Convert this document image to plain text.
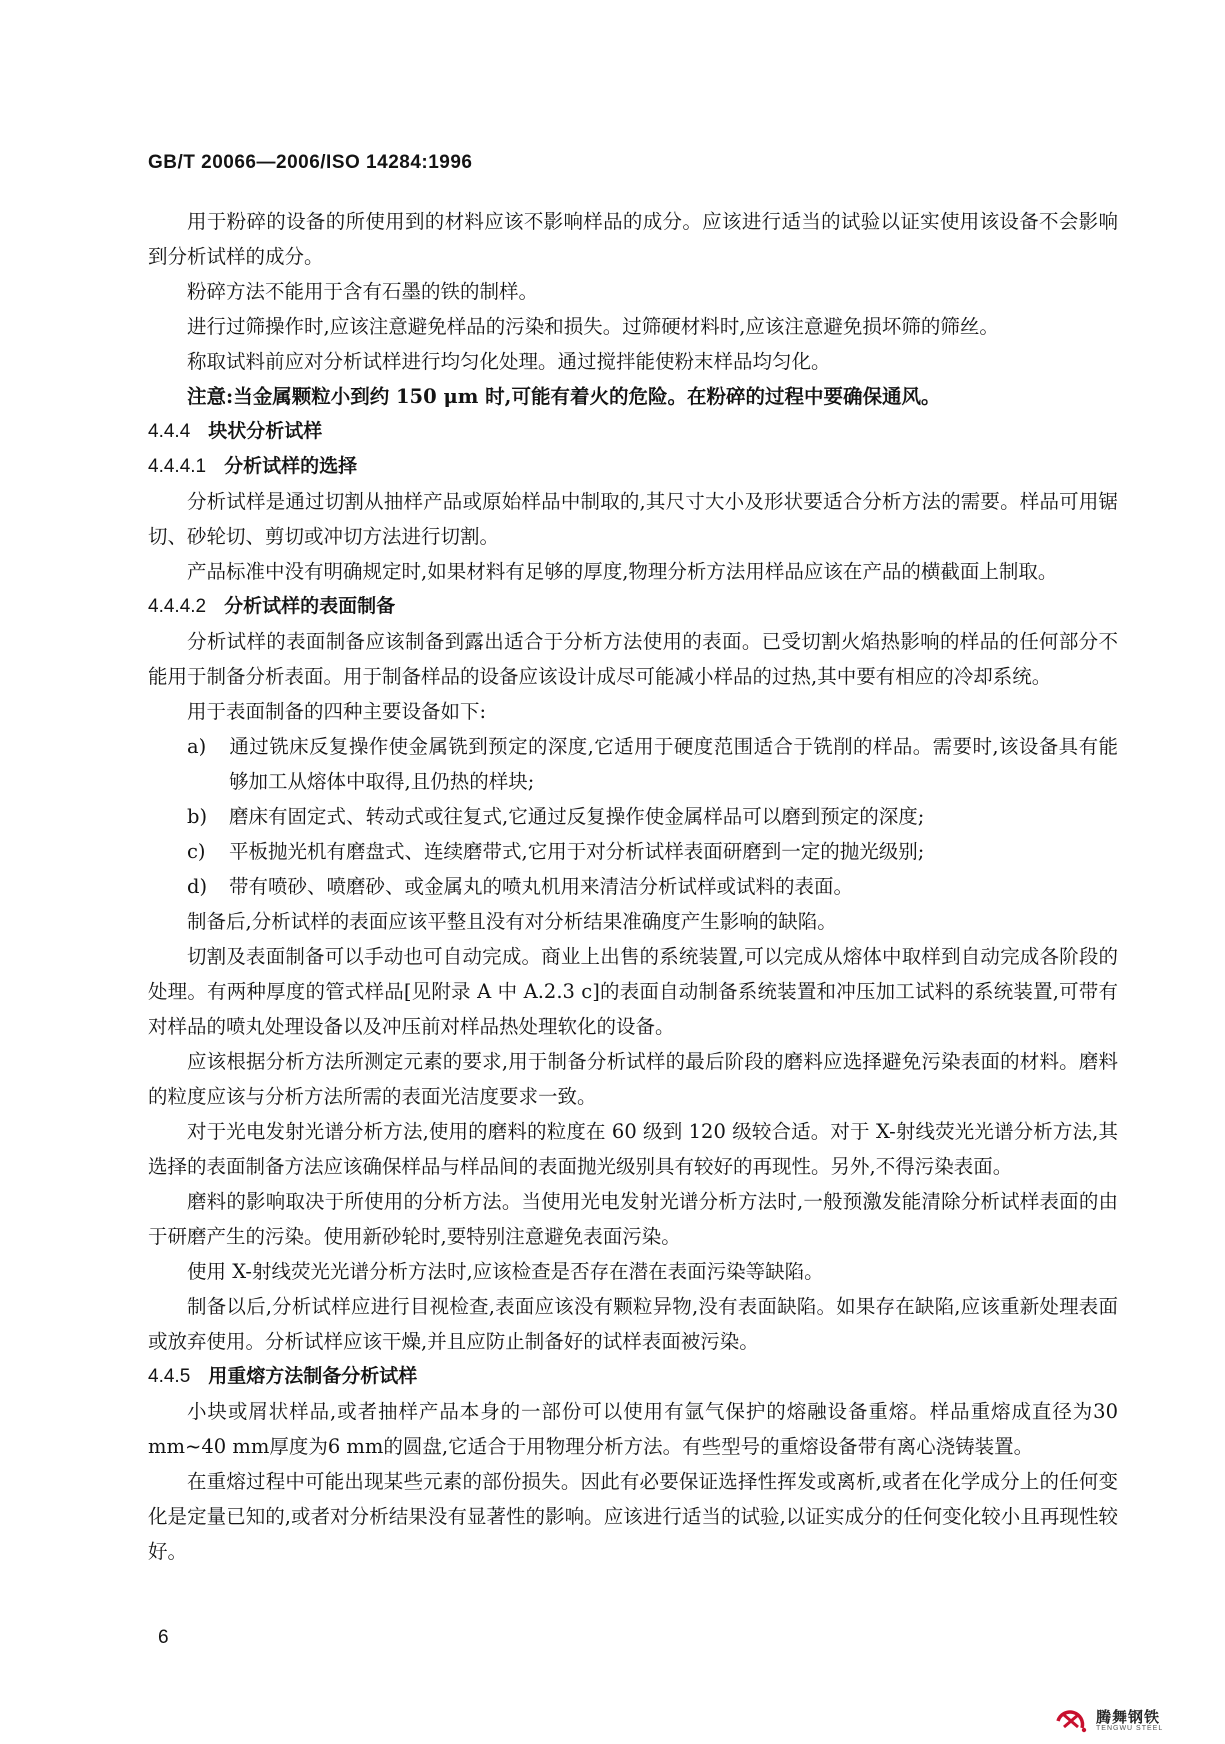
GB/T 20066—2006/ISO 14284:1996

用于粉碎的设备的所使用到的材料应该不影响样品的成分。应该进行适当的试验以证实使用该设备不会影响到分析试样的成分。

粉碎方法不能用于含有石墨的铁的制样。

进行过筛操作时,应该注意避免样品的污染和损失。过筛硬材料时,应该注意避免损坏筛的筛丝。

称取试料前应对分析试样进行均匀化处理。通过搅拌能使粉末样品均匀化。

注意:当金属颗粒小到约 150 μm 时,可能有着火的危险。在粉碎的过程中要确保通风。

4.4.4 块状分析试样
4.4.4.1 分析试样的选择

分析试样是通过切割从抽样产品或原始样品中制取的,其尺寸大小及形状要适合分析方法的需要。样品可用锯切、砂轮切、剪切或冲切方法进行切割。

产品标准中没有明确规定时,如果材料有足够的厚度,物理分析方法用样品应该在产品的横截面上制取。

4.4.4.2 分析试样的表面制备

分析试样的表面制备应该制备到露出适合于分析方法使用的表面。已受切割火焰热影响的样品的任何部分不能用于制备分析表面。用于制备样品的设备应该设计成尽可能减小样品的过热,其中要有相应的冷却系统。

用于表面制备的四种主要设备如下:

a) 通过铣床反复操作使金属铣到预定的深度,它适用于硬度范围适合于铣削的样品。需要时,该设备具有能够加工从熔体中取得,且仍热的样块;
b) 磨床有固定式、转动式或往复式,它通过反复操作使金属样品可以磨到预定的深度;
c) 平板抛光机有磨盘式、连续磨带式,它用于对分析试样表面研磨到一定的抛光级别;
d) 带有喷砂、喷磨砂、或金属丸的喷丸机用来清洁分析试样或试料的表面。

制备后,分析试样的表面应该平整且没有对分析结果准确度产生影响的缺陷。

切割及表面制备可以手动也可自动完成。商业上出售的系统装置,可以完成从熔体中取样到自动完成各阶段的处理。有两种厚度的管式样品[见附录 A 中 A.2.3 c]的表面自动制备系统装置和冲压加工试料的系统装置,可带有对样品的喷丸处理设备以及冲压前对样品热处理软化的设备。

应该根据分析方法所测定元素的要求,用于制备分析试样的最后阶段的磨料应选择避免污染表面的材料。磨料的粒度应该与分析方法所需的表面光洁度要求一致。

对于光电发射光谱分析方法,使用的磨料的粒度在 60 级到 120 级较合适。对于 X-射线荧光光谱分析方法,其选择的表面制备方法应该确保样品与样品间的表面抛光级别具有较好的再现性。另外,不得污染表面。

磨料的影响取决于所使用的分析方法。当使用光电发射光谱分析方法时,一般预激发能清除分析试样表面的由于研磨产生的污染。使用新砂轮时,要特别注意避免表面污染。

使用 X-射线荧光光谱分析方法时,应该检查是否存在潜在表面污染等缺陷。

制备以后,分析试样应进行目视检查,表面应该没有颗粒异物,没有表面缺陷。如果存在缺陷,应该重新处理表面或放弃使用。分析试样应该干燥,并且应防止制备好的试样表面被污染。

4.4.5 用重熔方法制备分析试样

小块或屑状样品,或者抽样产品本身的一部份可以使用有氩气保护的熔融设备重熔。样品重熔成直径为30 mm~40 mm厚度为6 mm的圆盘,它适合于用物理分析方法。有些型号的重熔设备带有离心浇铸装置。

在重熔过程中可能出现某些元素的部份损失。因此有必要保证选择性挥发或离析,或者在化学成分上的任何变化是定量已知的,或者对分析结果没有显著性的影响。应该进行适当的试验,以证实成分的任何变化较小且再现性较好。

6
腾舞钢铁
TENGWU STEEL
